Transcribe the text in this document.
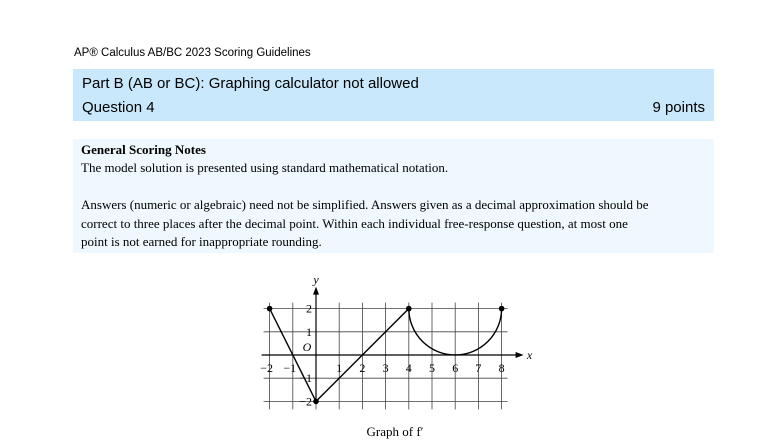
AP® Calculus AB/BC 2023 Scoring Guidelines
Part B (AB or BC): Graphing calculator not allowed
Question 4	9 points
General Scoring Notes
The model solution is presented using standard mathematical notation.
Answers (numeric or algebraic) need not be simplified. Answers given as a decimal approximation should be
correct to three places after the decimal point. Within each individual free-response question, at most one
point is not earned for inappropriate rounding.
−2 −1	1 2 3 4 5 6 7 8
2
1
−1
−2
O
x
y
Graph of f′
